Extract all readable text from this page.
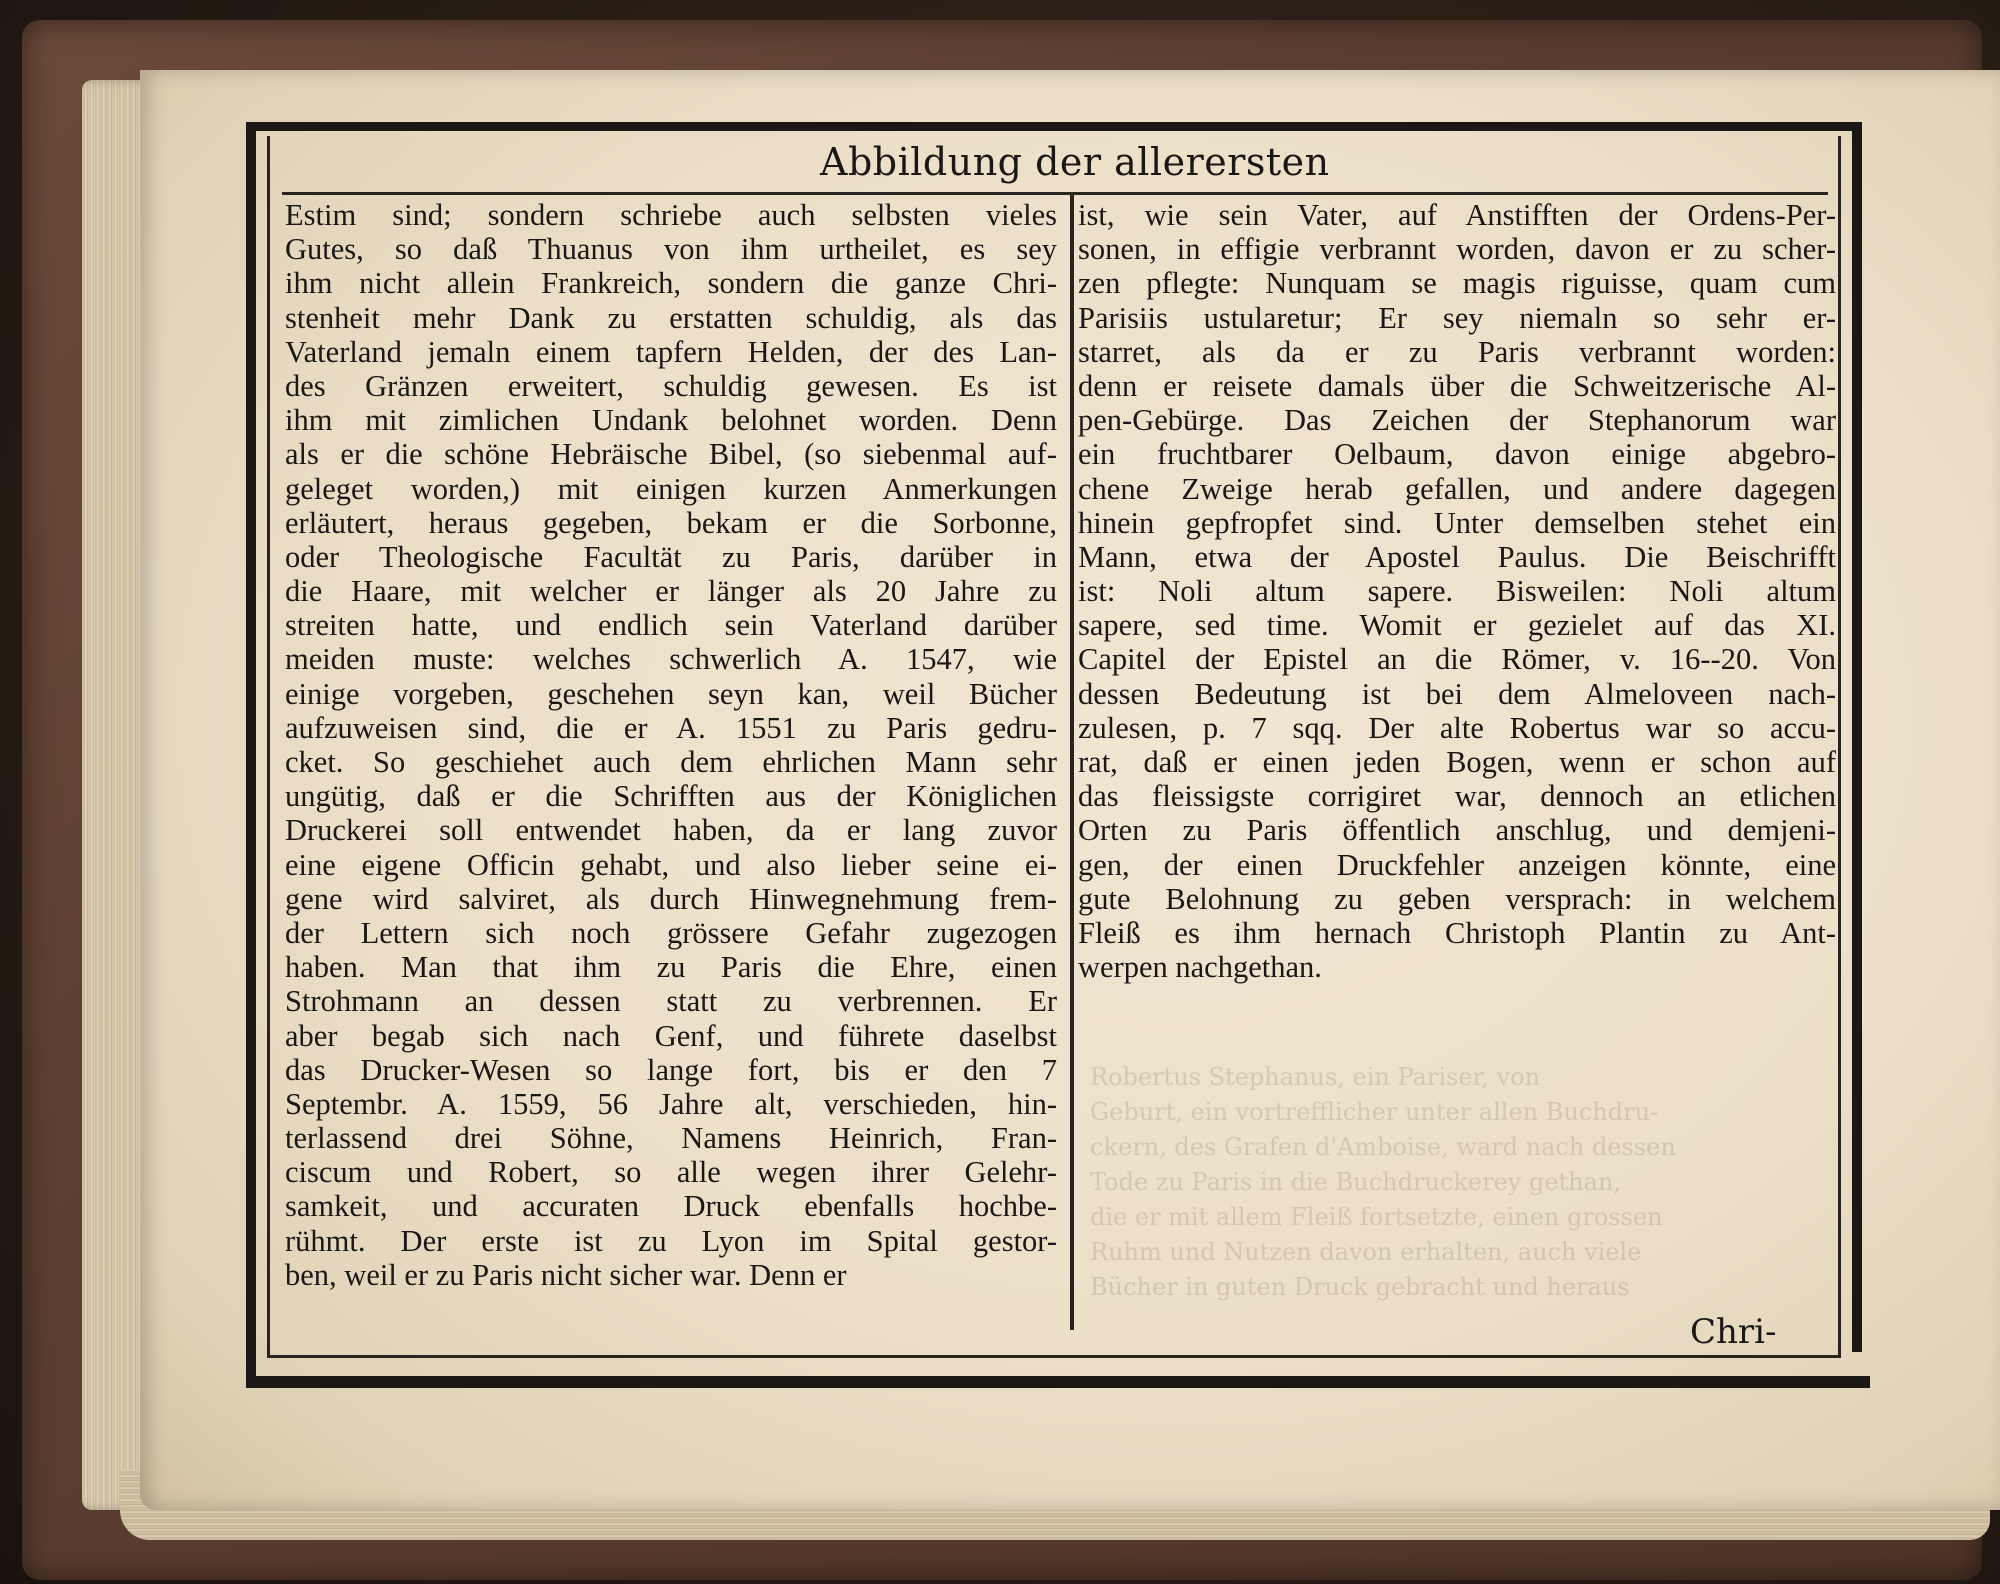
Robertus Stephanus, ein Pariser, von
Geburt, ein vortrefflicher unter allen Buchdru-
ckern, des Grafen d'Amboise, ward nach dessen
Tode zu Paris in die Buchdruckerey gethan,
die er mit allem Fleiß fortsetzte, einen grossen
Ruhm und Nutzen davon erhalten, auch viele
Bücher in guten Druck gebracht und heraus
Abbildung der allerersten
Estim sind; sondern schriebe auch selbsten vieles
Gutes, so daß Thuanus von ihm urtheilet, es sey
ihm nicht allein Frankreich, sondern die ganze Chri-
stenheit mehr Dank zu erstatten schuldig, als das
Vaterland jemaln einem tapfern Helden, der des Lan-
des Gränzen erweitert, schuldig gewesen. Es ist
ihm mit zimlichen Undank belohnet worden. Denn
als er die schöne Hebräische Bibel, (so siebenmal auf-
geleget worden,) mit einigen kurzen Anmerkungen
erläutert, heraus gegeben, bekam er die Sorbonne,
oder Theologische Facultät zu Paris, darüber in
die Haare, mit welcher er länger als 20 Jahre zu
streiten hatte, und endlich sein Vaterland darüber
meiden muste: welches schwerlich A. 1547, wie
einige vorgeben, geschehen seyn kan, weil Bücher
aufzuweisen sind, die er A. 1551 zu Paris gedru-
cket. So geschiehet auch dem ehrlichen Mann sehr
ungütig, daß er die Schrifften aus der Königlichen
Druckerei soll entwendet haben, da er lang zuvor
eine eigene Officin gehabt, und also lieber seine ei-
gene wird salviret, als durch Hinwegnehmung frem-
der Lettern sich noch grössere Gefahr zugezogen
haben. Man that ihm zu Paris die Ehre, einen
Strohmann an dessen statt zu verbrennen. Er
aber begab sich nach Genf, und führete daselbst
das Drucker-Wesen so lange fort, bis er den 7
Septembr. A. 1559, 56 Jahre alt, verschieden, hin-
terlassend drei Söhne, Namens Heinrich, Fran-
ciscum und Robert, so alle wegen ihrer Gelehr-
samkeit, und accuraten Druck ebenfalls hochbe-
rühmt. Der erste ist zu Lyon im Spital gestor-
ben, weil er zu Paris nicht sicher war. Denn er
ist, wie sein Vater, auf Anstifften der Ordens-Per-
sonen, in effigie verbrannt worden, davon er zu scher-
zen pflegte: Nunquam se magis riguisse, quam cum
Parisiis ustularetur; Er sey niemaln so sehr er-
starret, als da er zu Paris verbrannt worden:
denn er reisete damals über die Schweitzerische Al-
pen-Gebürge. Das Zeichen der Stephanorum war
ein fruchtbarer Oelbaum, davon einige abgebro-
chene Zweige herab gefallen, und andere dagegen
hinein gepfropfet sind. Unter demselben stehet ein
Mann, etwa der Apostel Paulus. Die Beischrifft
ist: Noli altum sapere. Bisweilen: Noli altum
sapere, sed time. Womit er gezielet auf das XI.
Capitel der Epistel an die Römer, v. 16--20. Von
dessen Bedeutung ist bei dem Almeloveen nach-
zulesen, p. 7 sqq. Der alte Robertus war so accu-
rat, daß er einen jeden Bogen, wenn er schon auf
das fleissigste corrigiret war, dennoch an etlichen
Orten zu Paris öffentlich anschlug, und demjeni-
gen, der einen Druckfehler anzeigen könnte, eine
gute Belohnung zu geben versprach: in welchem
Fleiß es ihm hernach Christoph Plantin zu Ant-
werpen nachgethan.
Chri-
